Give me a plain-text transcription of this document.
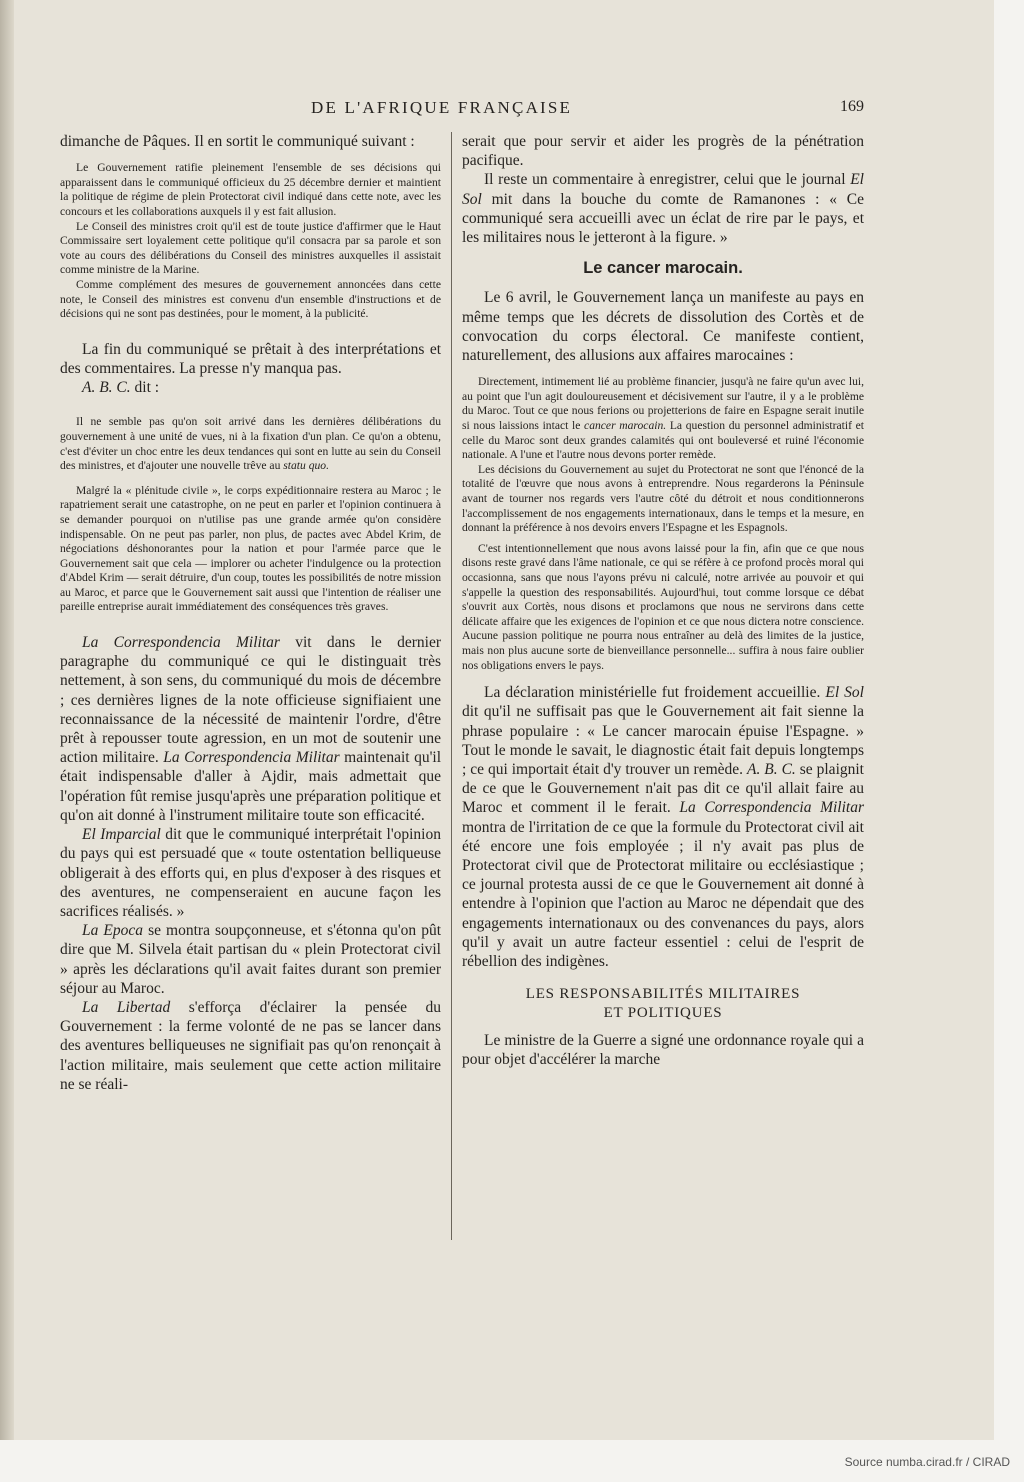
DE L'AFRIQUE FRANÇAISE	169

dimanche de Pâques. Il en sortit le communiqué suivant :

Le Gouvernement ratifie pleinement l'ensemble de ses décisions qui apparaissent dans le communiqué officieux du 25 décembre dernier et maintient la politique de régime de plein Protectorat civil indiqué dans cette note, avec les concours et les collaborations auxquels il y est fait allusion.

Le Conseil des ministres croit qu'il est de toute justice d'affirmer que le Haut Commissaire sert loyalement cette politique qu'il consacra par sa parole et son vote au cours des délibérations du Conseil des ministres auxquelles il assistait comme ministre de la Marine.

Comme complément des mesures de gouvernement annoncées dans cette note, le Conseil des ministres est convenu d'un ensemble d'instructions et de décisions qui ne sont pas destinées, pour le moment, à la publicité.

La fin du communiqué se prêtait à des interprétations et des commentaires. La presse n'y manqua pas.

A. B. C. dit :

Il ne semble pas qu'on soit arrivé dans les dernières délibérations du gouvernement à une unité de vues, ni à la fixation d'un plan. Ce qu'on a obtenu, c'est d'éviter un choc entre les deux tendances qui sont en lutte au sein du Conseil des ministres, et d'ajouter une nouvelle trêve au statu quo.

Malgré la « plénitude civile », le corps expéditionnaire restera au Maroc ; le rapatriement serait une catastrophe, on ne peut en parler et l'opinion continuera à se demander pourquoi on n'utilise pas une grande armée qu'on considère indispensable. On ne peut pas parler, non plus, de pactes avec Abdel Krim, de négociations déshonorantes pour la nation et pour l'armée parce que le Gouvernement sait que cela — implorer ou acheter l'indulgence ou la protection d'Abdel Krim — serait détruire, d'un coup, toutes les possibilités de notre mission au Maroc, et parce que le Gouvernement sait aussi que l'intention de réaliser une pareille entreprise aurait immédiatement des conséquences très graves.

La Correspondencia Militar vit dans le dernier paragraphe du communiqué ce qui le distinguait très nettement, à son sens, du communiqué du mois de décembre ; ces dernières lignes de la note officieuse signifiaient une reconnaissance de la nécessité de maintenir l'ordre, d'être prêt à repousser toute agression, en un mot de soutenir une action militaire. La Correspondencia Militar maintenait qu'il était indispensable d'aller à Ajdir, mais admettait que l'opération fût remise jusqu'après une préparation politique et qu'on ait donné à l'instrument militaire toute son efficacité.

El Imparcial dit que le communiqué interprétait l'opinion du pays qui est persuadé que « toute ostentation belliqueuse obligerait à des efforts qui, en plus d'exposer à des risques et des aventures, ne compenseraient en aucune façon les sacrifices réalisés. »

La Epoca se montra soupçonneuse, et s'étonna qu'on pût dire que M. Silvela était partisan du « plein Protectorat civil » après les déclarations qu'il avait faites durant son premier séjour au Maroc.

La Libertad s'efforça d'éclairer la pensée du Gouvernement : la ferme volonté de ne pas se lancer dans des aventures belliqueuses ne signifiait pas qu'on renonçait à l'action militaire, mais seulement que cette action militaire ne se réali-

serait que pour servir et aider les progrès de la pénétration pacifique.

Il reste un commentaire à enregistrer, celui que le journal El Sol mit dans la bouche du comte de Ramanones : « Ce communiqué sera accueilli avec un éclat de rire par le pays, et les militaires nous le jetteront à la figure. »

Le cancer marocain.

Le 6 avril, le Gouvernement lança un manifeste au pays en même temps que les décrets de dissolution des Cortès et de convocation du corps électoral. Ce manifeste contient, naturellement, des allusions aux affaires marocaines :

Directement, intimement lié au problème financier, jusqu'à ne faire qu'un avec lui, au point que l'un agit douloureusement et décisivement sur l'autre, il y a le problème du Maroc. Tout ce que nous ferions ou projetterions de faire en Espagne serait inutile si nous laissions intact le cancer marocain. La question du personnel administratif et celle du Maroc sont deux grandes calamités qui ont bouleversé et ruiné l'économie nationale. A l'une et l'autre nous devons porter remède.

Les décisions du Gouvernement au sujet du Protectorat ne sont que l'énoncé de la totalité de l'œuvre que nous avons à entreprendre. Nous regarderons la Péninsule avant de tourner nos regards vers l'autre côté du détroit et nous conditionnerons l'accomplissement de nos engagements internationaux, dans le temps et la mesure, en donnant la préférence à nos devoirs envers l'Espagne et les Espagnols.

C'est intentionnellement que nous avons laissé pour la fin, afin que ce que nous disons reste gravé dans l'âme nationale, ce qui se réfère à ce profond procès moral qui occasionna, sans que nous l'ayons prévu ni calculé, notre arrivée au pouvoir et qui s'appelle la question des responsabilités. Aujourd'hui, tout comme lorsque ce débat s'ouvrit aux Cortès, nous disons et proclamons que nous ne servirons dans cette délicate affaire que les exigences de l'opinion et ce que nous dictera notre conscience. Aucune passion politique ne pourra nous entraîner au delà des limites de la justice, mais non plus aucune sorte de bienveillance personnelle... suffira à nous faire oublier nos obligations envers le pays.

La déclaration ministérielle fut froidement accueillie. El Sol dit qu'il ne suffisait pas que le Gouvernement ait fait sienne la phrase populaire : « Le cancer marocain épuise l'Espagne. » Tout le monde le savait, le diagnostic était fait depuis longtemps ; ce qui importait était d'y trouver un remède. A. B. C. se plaignit de ce que le Gouvernement n'ait pas dit ce qu'il allait faire au Maroc et comment il le ferait. La Correspondencia Militar montra de l'irritation de ce que la formule du Protectorat civil ait été encore une fois employée ; il n'y avait pas plus de Protectorat civil que de Protectorat militaire ou ecclésiastique ; ce journal protesta aussi de ce que le Gouvernement ait donné à entendre à l'opinion que l'action au Maroc ne dépendait que des engagements internationaux ou des convenances du pays, alors qu'il y avait un autre facteur essentiel : celui de l'esprit de rébellion des indigènes.

LES RESPONSABILITÉS MILITAIRES
ET POLITIQUES

Le ministre de la Guerre a signé une ordonnance royale qui a pour objet d'accélérer la marche

Source numba.cirad.fr / CIRAD
